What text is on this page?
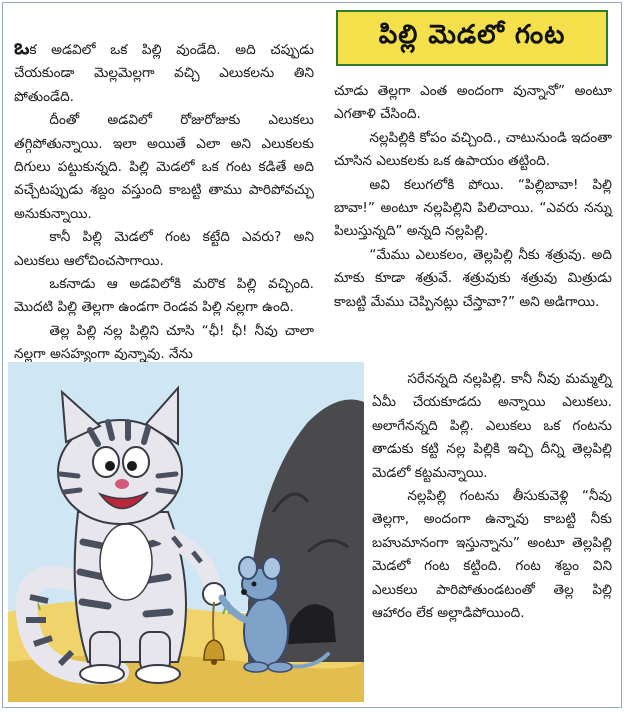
పిల్లి మెడలో గంట

ఒక అడవిలో ఒక పిల్లి వుండేది. అది చప్పుడు చేయకుండా మెల్లమెల్లగా వచ్చి ఎలుకలను తిని పోతుండేది.

దీంతో అడవిలో రోజురోజుకు ఎలుకలు తగ్గిపోతున్నాయి. ఇలా అయితే ఎలా అని ఎలుకలకు దిగులు పట్టుకున్నది. పిల్లి మెడలో ఒక గంట కడితే అది వచ్చేటప్పుడు శబ్దం వస్తుంది కాబట్టి తాము పారిపోవచ్చు అనుకున్నాయి.

కానీ పిల్లి మెడలో గంట కట్టేది ఎవరు? అని ఎలుకలు ఆలోచించసాగాయి.

ఒకనాడు ఆ అడవిలోకి మరొక పిల్లి వచ్చింది. మొదటి పిల్లి తెల్లగా ఉండగా రెండవ పిల్లి నల్లగా ఉంది.

తెల్ల పిల్లి నల్ల పిల్లిని చూసి “ఛీ! ఛీ! నీవు చాలా నల్లగా అసహ్యంగా వున్నావు. నేను

చూడు తెల్లగా ఎంత అందంగా వున్నానో” అంటూ ఎగతాళి చేసింది.

నల్లపిల్లికి కోపం వచ్చింది., చాటునుండి ఇదంతా చూసిన ఎలుకలకు ఒక ఉపాయం తట్టింది.

అవి కలుగలోకి పోయి. “పిల్లిబావా! పిల్లి బావా!” అంటూ నల్లపిల్లిని పిలిచాయి. “ఎవరు నన్ను పిలుస్తున్నది” అన్నది నల్లపిల్లి.

“మేము ఎలుకలం, తెల్లపిల్లి నీకు శత్రువు. అది మాకు కూడా శత్రువే. శత్రువుకు శత్రువు మిత్రుడు కాబట్టి మేము చెప్పినట్లు చేస్తావా?” అని అడిగాయి.

సరేనన్నది నల్లపిల్లి. కానీ నీవు మమ్మల్ని ఏమీ చేయకూడదు అన్నాయి ఎలుకలు. అలాగేనన్నది పిల్లి. ఎలుకలు ఒక గంటను తాడుకు కట్టి నల్ల పిల్లికి ఇచ్చి దీన్ని తెల్లపిల్లి మెడలో కట్టమన్నాయి.

నల్లపిల్లి గంటను తీసుకువెళ్లి “నీవు తెల్లగా, అందంగా ఉన్నావు కాబట్టి నీకు బహుమానంగా ఇస్తున్నాను” అంటూ తెల్లపిల్లి మెడలో గంట కట్టింది. గంట శబ్దం విని ఎలుకలు పారిపోతుండటంతో తెల్ల పిల్లి ఆహారం లేక అల్లాడిపోయింది.
